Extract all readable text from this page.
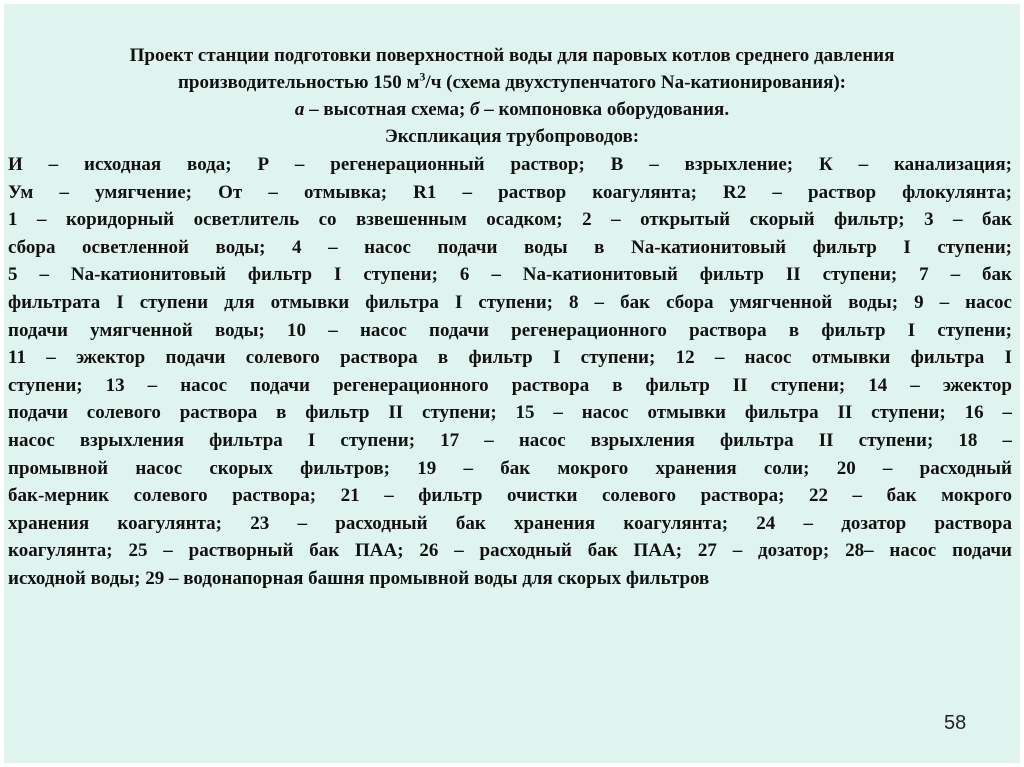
Проект станции подготовки поверхностной воды для паровых котлов среднего давления
производительностью 150 $м^3/ч$ (схема двухступенчатого Na-катионирования):
а – высотная схема; б – компоновка оборудования.
Экспликация трубопроводов:
И – исходная вода; Р – регенерационный раствор; В – взрыхление; К – канализация;
Ум – умягчение; От – отмывка; R1 – раствор коагулянта; R2 – раствор флокулянта;
1 – коридорный осветлитель со взвешенным осадком; 2 – открытый скорый фильтр; 3 – бак
сбора осветленной воды; 4 – насос подачи воды в Na-катионитовый фильтр I ступени;
5 – Na-катионитовый фильтр I ступени; 6 – Na-катионитовый фильтр II ступени; 7 – бак
фильтрата I ступени для отмывки фильтра I ступени; 8 – бак сбора умягченной воды; 9 – насос
подачи умягченной воды; 10 – насос подачи регенерационного раствора в фильтр I ступени;
11 – эжектор подачи солевого раствора в фильтр I ступени; 12 – насос отмывки фильтра I
ступени; 13 – насос подачи регенерационного раствора в фильтр II ступени; 14 – эжектор
подачи солевого раствора в фильтр II ступени; 15 – насос отмывки фильтра II ступени; 16 –
насос взрыхления фильтра I ступени; 17 – насос взрыхления фильтра II ступени; 18 –
промывной насос скорых фильтров; 19 – бак мокрого хранения соли; 20 – расходный
бак-мерник солевого раствора; 21 – фильтр очистки солевого раствора; 22 – бак мокрого
хранения коагулянта; 23 – расходный бак хранения коагулянта; 24 – дозатор раствора
коагулянта; 25 – растворный бак ПАА; 26 – расходный бак ПАА; 27 – дозатор; 28– насос подачи
исходной воды; 29 – водонапорная башня промывной воды для скорых фильтров
58
